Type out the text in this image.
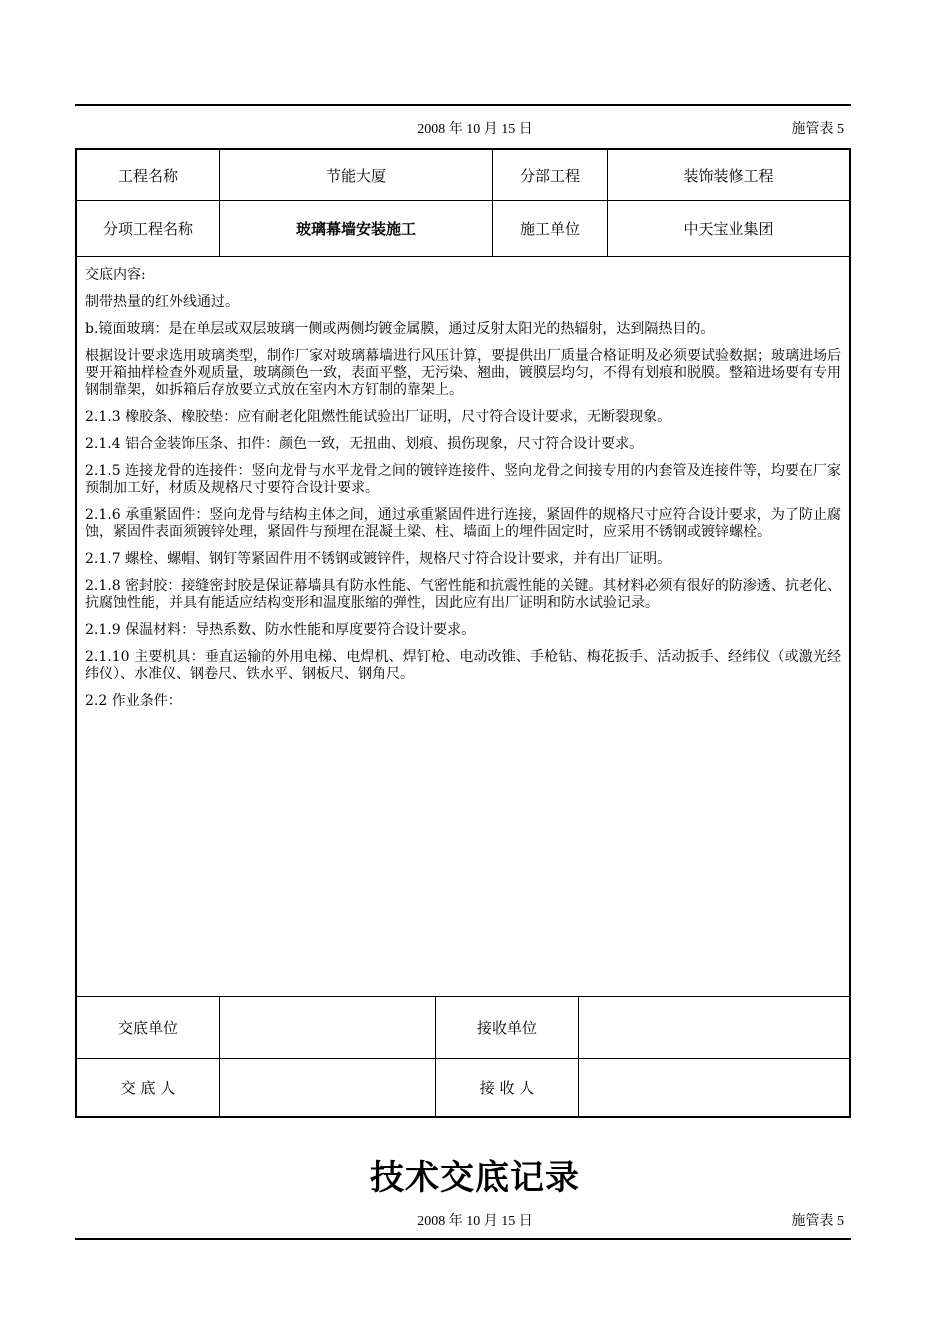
2008 年 10 月 15 日	施管表 5
工程名称	节能大厦	分部工程	装饰装修工程
分项工程名称	玻璃幕墙安装施工	施工单位	中天宝业集团

交底内容:

制带热量的红外线通过。

b.镜面玻璃：是在单层或双层玻璃一侧或两侧均镀金属膜，通过反射太阳光的热辐射，达到隔热目的。

根据设计要求选用玻璃类型，制作厂家对玻璃幕墙进行风压计算，要提供出厂质量合格证明及必须要试验数据；玻璃进场后要开箱抽样检查外观质量，玻璃颜色一致，表面平整，无污染、翘曲，镀膜层均匀，不得有划痕和脱膜。整箱进场要有专用钢制靠架，如拆箱后存放要立式放在室内木方钉制的靠架上。

2.1.3 橡胶条、橡胶垫：应有耐老化阻燃性能试验出厂证明，尺寸符合设计要求，无断裂现象。

2.1.4 铝合金装饰压条、扣件：颜色一致，无扭曲、划痕、损伤现象，尺寸符合设计要求。

2.1.5 连接龙骨的连接件：竖向龙骨与水平龙骨之间的镀锌连接件、竖向龙骨之间接专用的内套管及连接件等，均要在厂家预制加工好，材质及规格尺寸要符合设计要求。

2.1.6 承重紧固件：竖向龙骨与结构主体之间，通过承重紧固件进行连接，紧固件的规格尺寸应符合设计要求，为了防止腐蚀，紧固件表面须镀锌处理，紧固件与预埋在混凝土梁、柱、墙面上的埋件固定时，应采用不锈钢或镀锌螺栓。

2.1.7 螺栓、螺帽、钢钉等紧固件用不锈钢或镀锌件，规格尺寸符合设计要求，并有出厂证明。

2.1.8 密封胶：接缝密封胶是保证幕墙具有防水性能、气密性能和抗震性能的关键。其材料必须有很好的防渗透、抗老化、抗腐蚀性能，并具有能适应结构变形和温度胀缩的弹性，因此应有出厂证明和防水试验记录。

2.1.9 保温材料：导热系数、防水性能和厚度要符合设计要求。

2.1.10 主要机具：垂直运输的外用电梯、电焊机、焊钉枪、电动改锥、手枪钻、梅花扳手、活动扳手、经纬仪（或激光经纬仪）、水准仪、钢卷尺、铁水平、钢板尺、钢角尺。

2.2 作业条件：

交底单位	接收单位
交 底 人	接 收 人
技术交底记录
2008 年 10 月 15 日	施管表 5
